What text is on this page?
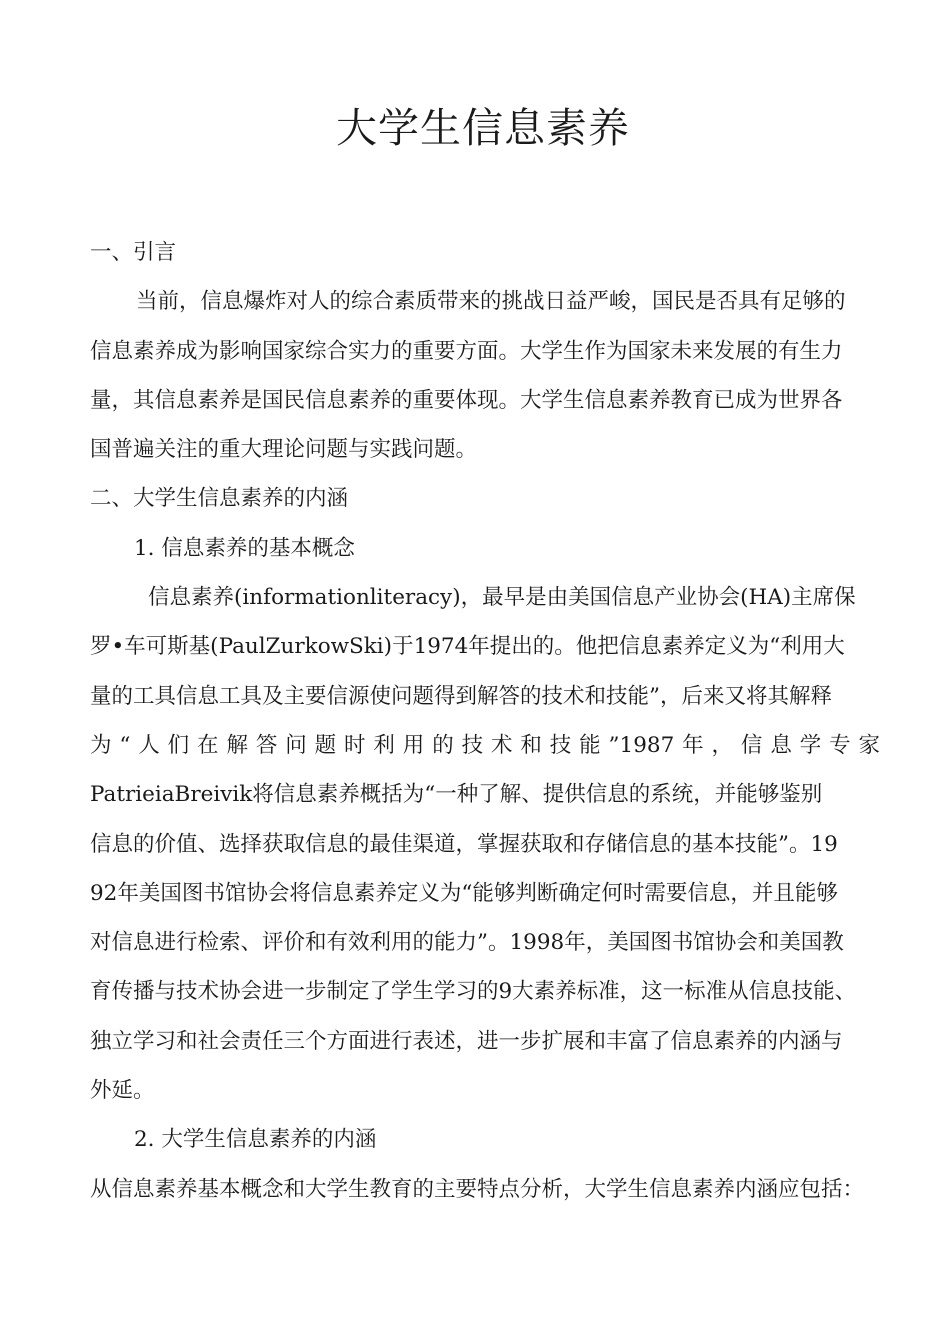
大学生信息素养
一、引言
当前，信息爆炸对人的综合素质带来的挑战日益严峻，国民是否具有足够的
信息素养成为影响国家综合实力的重要方面。大学生作为国家未来发展的有生力
量，其信息素养是国民信息素养的重要体现。大学生信息素养教育已成为世界各
国普遍关注的重大理论问题与实践问题。
二、大学生信息素养的内涵
1. 信息素养的基本概念
信息素养(informationliteracy)，最早是由美国信息产业协会(HA)主席保
罗•车可斯基(PaulZurkowSki)于1974年提出的。他把信息素养定义为“利用大
量的工具信息工具及主要信源使问题得到解答的技术和技能”，后来又将其解释
为“人们在解答问题时利用的技术和技能”1987年，信息学专家
PatrieiaBreivik将信息素养概括为“一种了解、提供信息的系统，并能够鉴别
信息的价值、选择获取信息的最佳渠道，掌握获取和存储信息的基本技能”。19
92年美国图书馆协会将信息素养定义为“能够判断确定何时需要信息，并且能够
对信息进行检索、评价和有效利用的能力”。1998年，美国图书馆协会和美国教
育传播与技术协会进一步制定了学生学习的9大素养标准，这一标准从信息技能、
独立学习和社会责任三个方面进行表述，进一步扩展和丰富了信息素养的内涵与
外延。
2. 大学生信息素养的内涵
从信息素养基本概念和大学生教育的主要特点分析，大学生信息素养内涵应包括：
